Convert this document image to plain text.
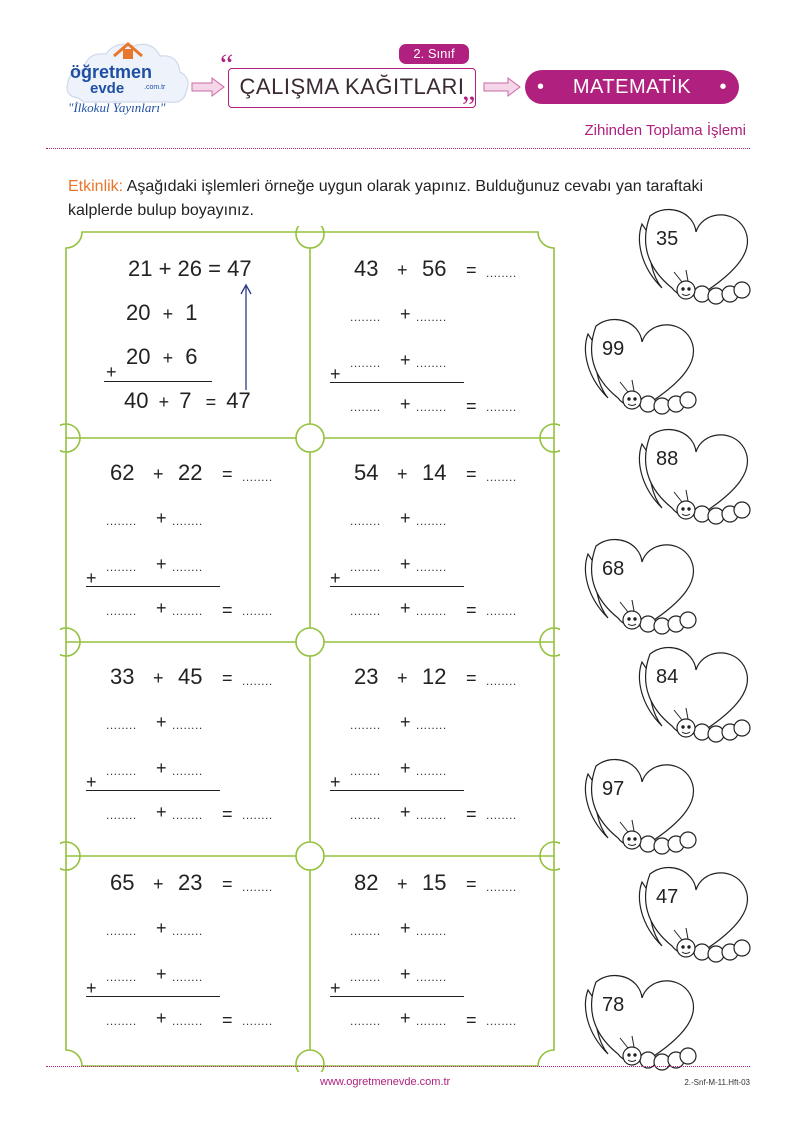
öğretmen
evde	.com.tr
"İlkokul Yayınları"
2. Sınıf
“
ÇALIŞMA KAĞITLARI
”
• MATEMATİK •
Zihinden Toplama İşlemi
Etkinlik: Aşağıdaki işlemleri örneğe uygun olarak yapınız. Bulduğunuz cevabı yan taraftaki kalplerde bulup boyayınız.
21 + 26 = 47
20 + 1
20 + 6
+
40 + 7 = 47
43 + 56 = ........
........ + ........
........ + ........
+
........ + ........ = ........
62 + 22 = ........
........ + ........
........ + ........
+
........ + ........ = ........
54 + 14 = ........
........ + ........
........ + ........
+
........ + ........ = ........
33 + 45 = ........
........ + ........
........ + ........
+
........ + ........ = ........
23 + 12 = ........
........ + ........
........ + ........
+
........ + ........ = ........
65 + 23 = ........
........ + ........
........ + ........
+
........ + ........ = ........
82 + 15 = ........
........ + ........
........ + ........
+
........ + ........ = ........
35
99
88
68
84
97
47
78
www.ogretmenevde.com.tr	2.-Snf-M-11.Hft-03
